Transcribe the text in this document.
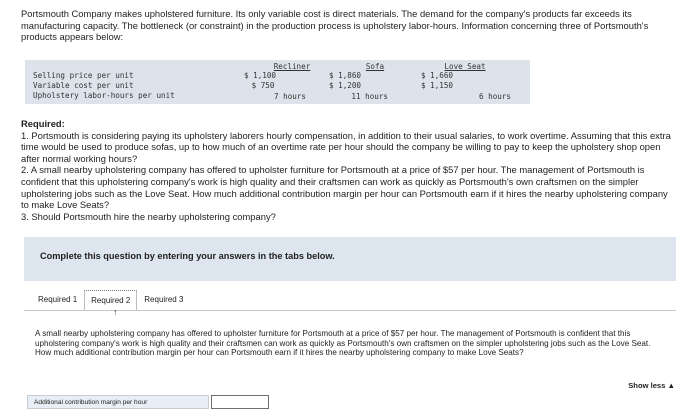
Portsmouth Company makes upholstered furniture. Its only variable cost is direct materials. The demand for the company's products far exceeds its manufacturing capacity. The bottleneck (or constraint) in the production process is upholstery labor-hours. Information concerning three of Portsmouth's products appears below:
Recliner	Sofa	Love Seat
Selling price per unit	$ 1,100	$ 1,860	$ 1,660
Variable cost per unit	$ 750	$ 1,200	$ 1,150
Upholstery labor-hours per unit	7 hours	11 hours	6 hours
Required:
1. Portsmouth is considering paying its upholstery laborers hourly compensation, in addition to their usual salaries, to work overtime. Assuming that this extra time would be used to produce sofas, up to how much of an overtime rate per hour should the company be willing to pay to keep the upholstery shop open after normal working hours?
2. A small nearby upholstering company has offered to upholster furniture for Portsmouth at a price of $57 per hour. The management of Portsmouth is confident that this upholstering company's work is high quality and their craftsmen can work as quickly as Portsmouth's own craftsmen on the simpler upholstering jobs such as the Love Seat. How much additional contribution margin per hour can Portsmouth earn if it hires the nearby upholstering company to make Love Seats?
3. Should Portsmouth hire the nearby upholstering company?
Complete this question by entering your answers in the tabs below.
Required 1	Required 2	Required 3
↑
A small nearby upholstering company has offered to upholster furniture for Portsmouth at a price of $57 per hour. The management of Portsmouth is confident that this upholstering company's work is high quality and their craftsmen can work as quickly as Portsmouth's own craftsmen on the simpler upholstering jobs such as the Love Seat. How much additional contribution margin per hour can Portsmouth earn if it hires the nearby upholstering company to make Love Seats?
Show less ▲
Additional contribution margin per hour
